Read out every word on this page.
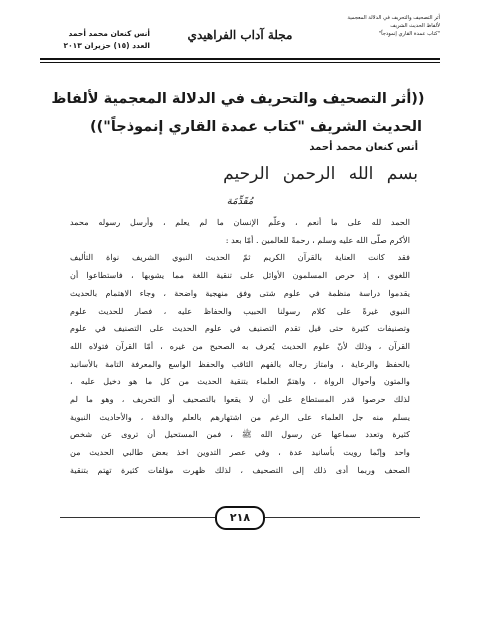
أثر التصحيف والتحريف في الدلالة المعجمية
لألفاظ الحديث الشريف
"كتاب عمدة القاري إنموذجاً"
مجلة آداب الفراهيدي
أنس كنعان محمد أحمد
العدد (١٥) حزيران ٢٠١٣
((أثر التصحيف والتحريف في الدلالة المعجمية لألفاظ
الحديث الشريف "كتاب عمدة القاري إنموذجاً"))
أنس كنعان محمد أحمد
بسم الله الرحمن الرحيم
مُقَدِّمَة
الحمد لله على ما أنعم ، وعلّم الإنسان ما لم يعلم ، وأرسل رسوله محمد
الأكرم صلّى الله عليه وسلم ، رحمةً للعالمين . أمّا بعد :
فقد كانت العناية بالقرآن الكريم ثمّ الحديث النبوي الشريف نواة التأليف
اللغوي ، إذ حرص المسلمون الأوائل على تنقية اللغة مما يشوبها ، فاستطاعوا أن
يقدموا دراسة منظمة في علوم شتى وفق منهجية واضحة ، وجاء الاهتمام بالحديث
النبوي غيرةً على كلام رسولنا الحبيب والحفاظ عليه ، فصار للحديث علوم
وتصنيفات كثيرة حتى قيل تقدم التصنيف في علوم الحديث على التصنيف في علوم
القرآن ، وذلك لأنّ علوم الحديث يُعرف به الصحيح من غيره ، أمّا القرآن فتولاه الله
بالحفظ والرعاية ، وامتاز رجاله بالفهم الثاقب والحفظ الواسع والمعرفة التامة بالأسانيد
والمتون وأحوال الرواة ، واهتمّ العلماء بتنقية الحديث من كل ما هو دخيل عليه ،
لذلك حرصوا قدر المستطاع على أن لا يقعوا بالتصحيف أو التحريف ، وهو ما لم
يسلم منه جل العلماء على الرغم من اشتهارهم بالعلم والدقة ، والأحاديث النبوية
كثيرة وتعدد سماعها عن رسول الله ﷺ ، فمن المستحيل أن تروى عن شخص
واحد وإنّما رويت بأسانيد عدة ، وفي عصر التدوين اخذ بعض طالبي الحديث من
الصحف وربما أدى ذلك إلى التصحيف ، لذلك ظهرت مؤلفات كثيرة تهتم بتنقية
٢١٨
